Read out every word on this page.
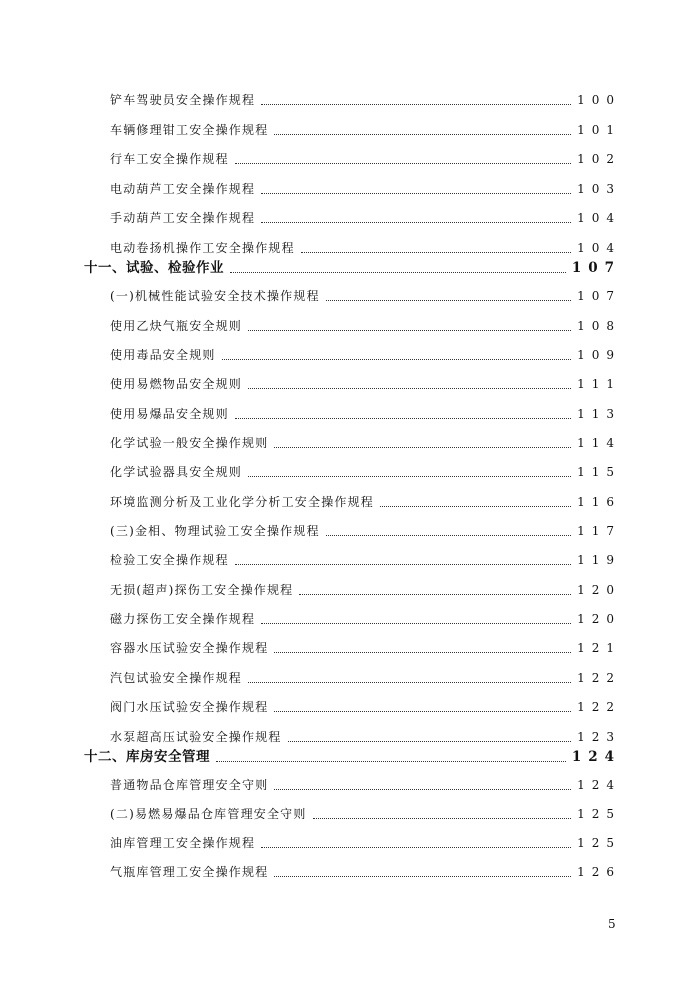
铲车驾驶员安全操作规程	100
车辆修理钳工安全操作规程	101
行车工安全操作规程	102
电动葫芦工安全操作规程	103
手动葫芦工安全操作规程	104
电动卷扬机操作工安全操作规程	104
十一、试验、检验作业	107
(一)机械性能试验安全技术操作规程	107
使用乙炔气瓶安全规则	108
使用毒品安全规则	109
使用易燃物品安全规则	111
使用易爆品安全规则	113
化学试验一般安全操作规则	114
化学试验器具安全规则	115
环境监测分析及工业化学分析工安全操作规程	116
(三)金相、物理试验工安全操作规程	117
检验工安全操作规程	119
无损(超声)探伤工安全操作规程	120
磁力探伤工安全操作规程	120
容器水压试验安全操作规程	121
汽包试验安全操作规程	122
阀门水压试验安全操作规程	122
水泵超高压试验安全操作规程	123
十二、库房安全管理	124
普通物品仓库管理安全守则	124
(二)易燃易爆品仓库管理安全守则	125
油库管理工安全操作规程	125
气瓶库管理工安全操作规程	126
5
